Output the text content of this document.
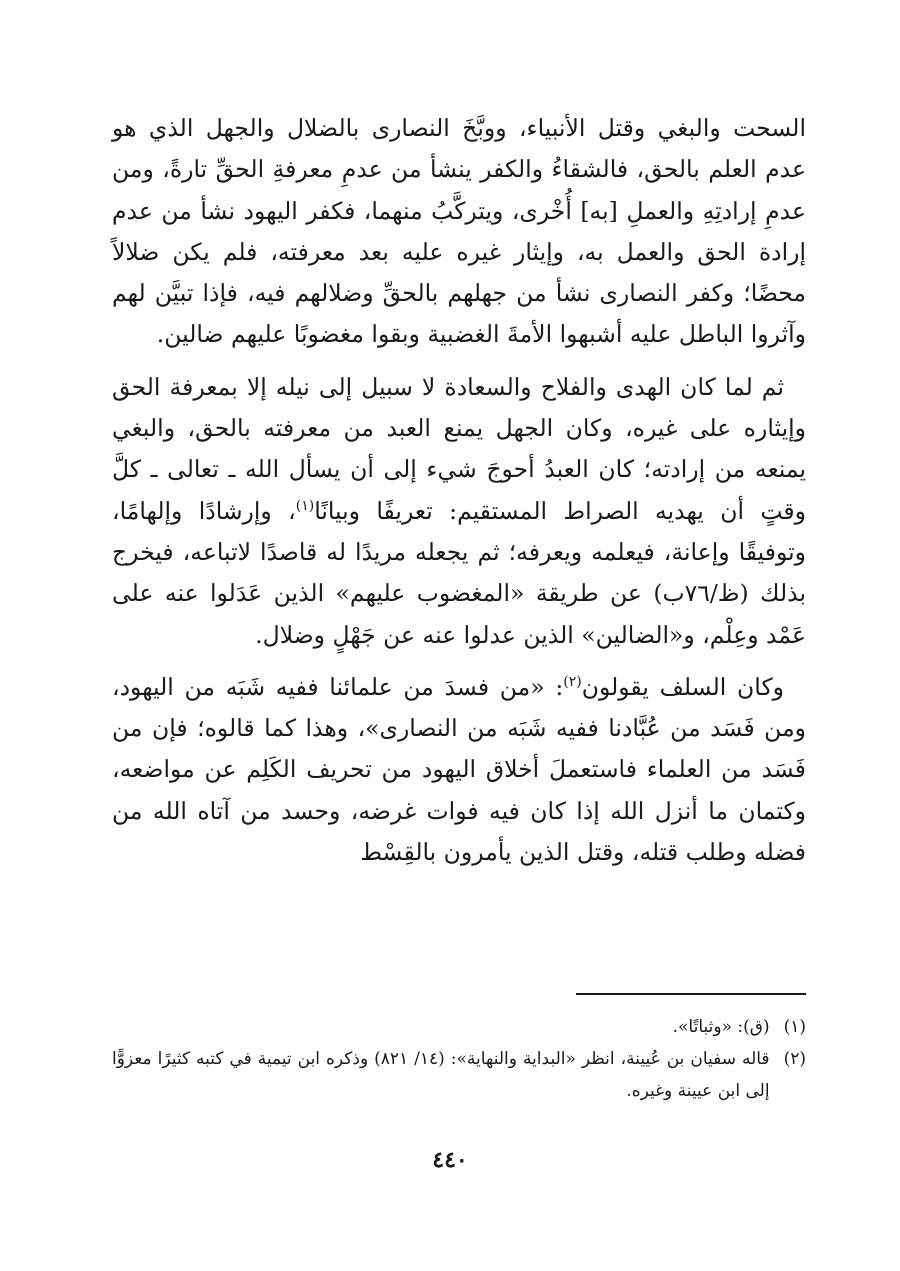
السحت والبغي وقتل الأنبياء، ووبَّخَ النصارى بالضلال والجهل الذي هو عدم العلم بالحق، فالشقاءُ والكفر ينشأ من عدمِ معرفةِ الحقِّ تارةً، ومن عدمِ إرادتِهِ والعملِ [به] أُخْرى، ويتركَّبُ منهما، فكفر اليهود نشأ من عدم إرادة الحق والعمل به، وإيثار غيره عليه بعد معرفته، فلم يكن ضلالاً محضًا؛ وكفر النصارى نشأ من جهلهم بالحقِّ وضلالهم فيه، فإذا تبيَّن لهم وآثروا الباطل عليه أشبهوا الأمةَ الغضبية وبقوا مغضوبًا عليهم ضالين.

ثم لما كان الهدى والفلاح والسعادة لا سبيل إلى نيله إلا بمعرفة الحق وإيثاره على غيره، وكان الجهل يمنع العبد من معرفته بالحق، والبغي يمنعه من إرادته؛ كان العبدُ أحوجَ شيء إلى أن يسأل الله ـ تعالى ـ كلَّ وقتٍ أن يهديه الصراط المستقيم: تعريفًا وبيانًا$^{(١)}$، وإرشادًا وإلهامًا، وتوفيقًا وإعانة، فيعلمه ويعرفه؛ ثم يجعله مريدًا له قاصدًا لاتباعه، فيخرج بذلك (ظ/٧٦ب) عن طريقة «المغضوب عليهم» الذين عَدَلوا عنه على عَمْد وعِلْم، و«الضالين» الذين عدلوا عنه عن جَهْلٍ وضلال.

وكان السلف يقولون$^{(٢)}$: «من فسدَ من علمائنا ففيه شَبَه من اليهود، ومن فَسَد من عُبَّادنا ففيه شَبَه من النصارى»، وهذا كما قالوه؛ فإن من فَسَد من العلماء فاستعملَ أخلاق اليهود من تحريف الكَلِم عن مواضعه، وكتمان ما أنزل الله إذا كان فيه فوات غرضه، وحسد من آتاه الله من فضله وطلب قتله، وقتل الذين يأمرون بالقِسْط

(١)
(ق): «وثباتًا».
(٢)
قاله سفيان بن عُيينة، انظر «البداية والنهاية»: (١٤/ ٨٢١) وذكره ابن تيمية في كتبه كثيرًا معزوًّا إلى ابن عيينة وغيره.
٤٤٠
